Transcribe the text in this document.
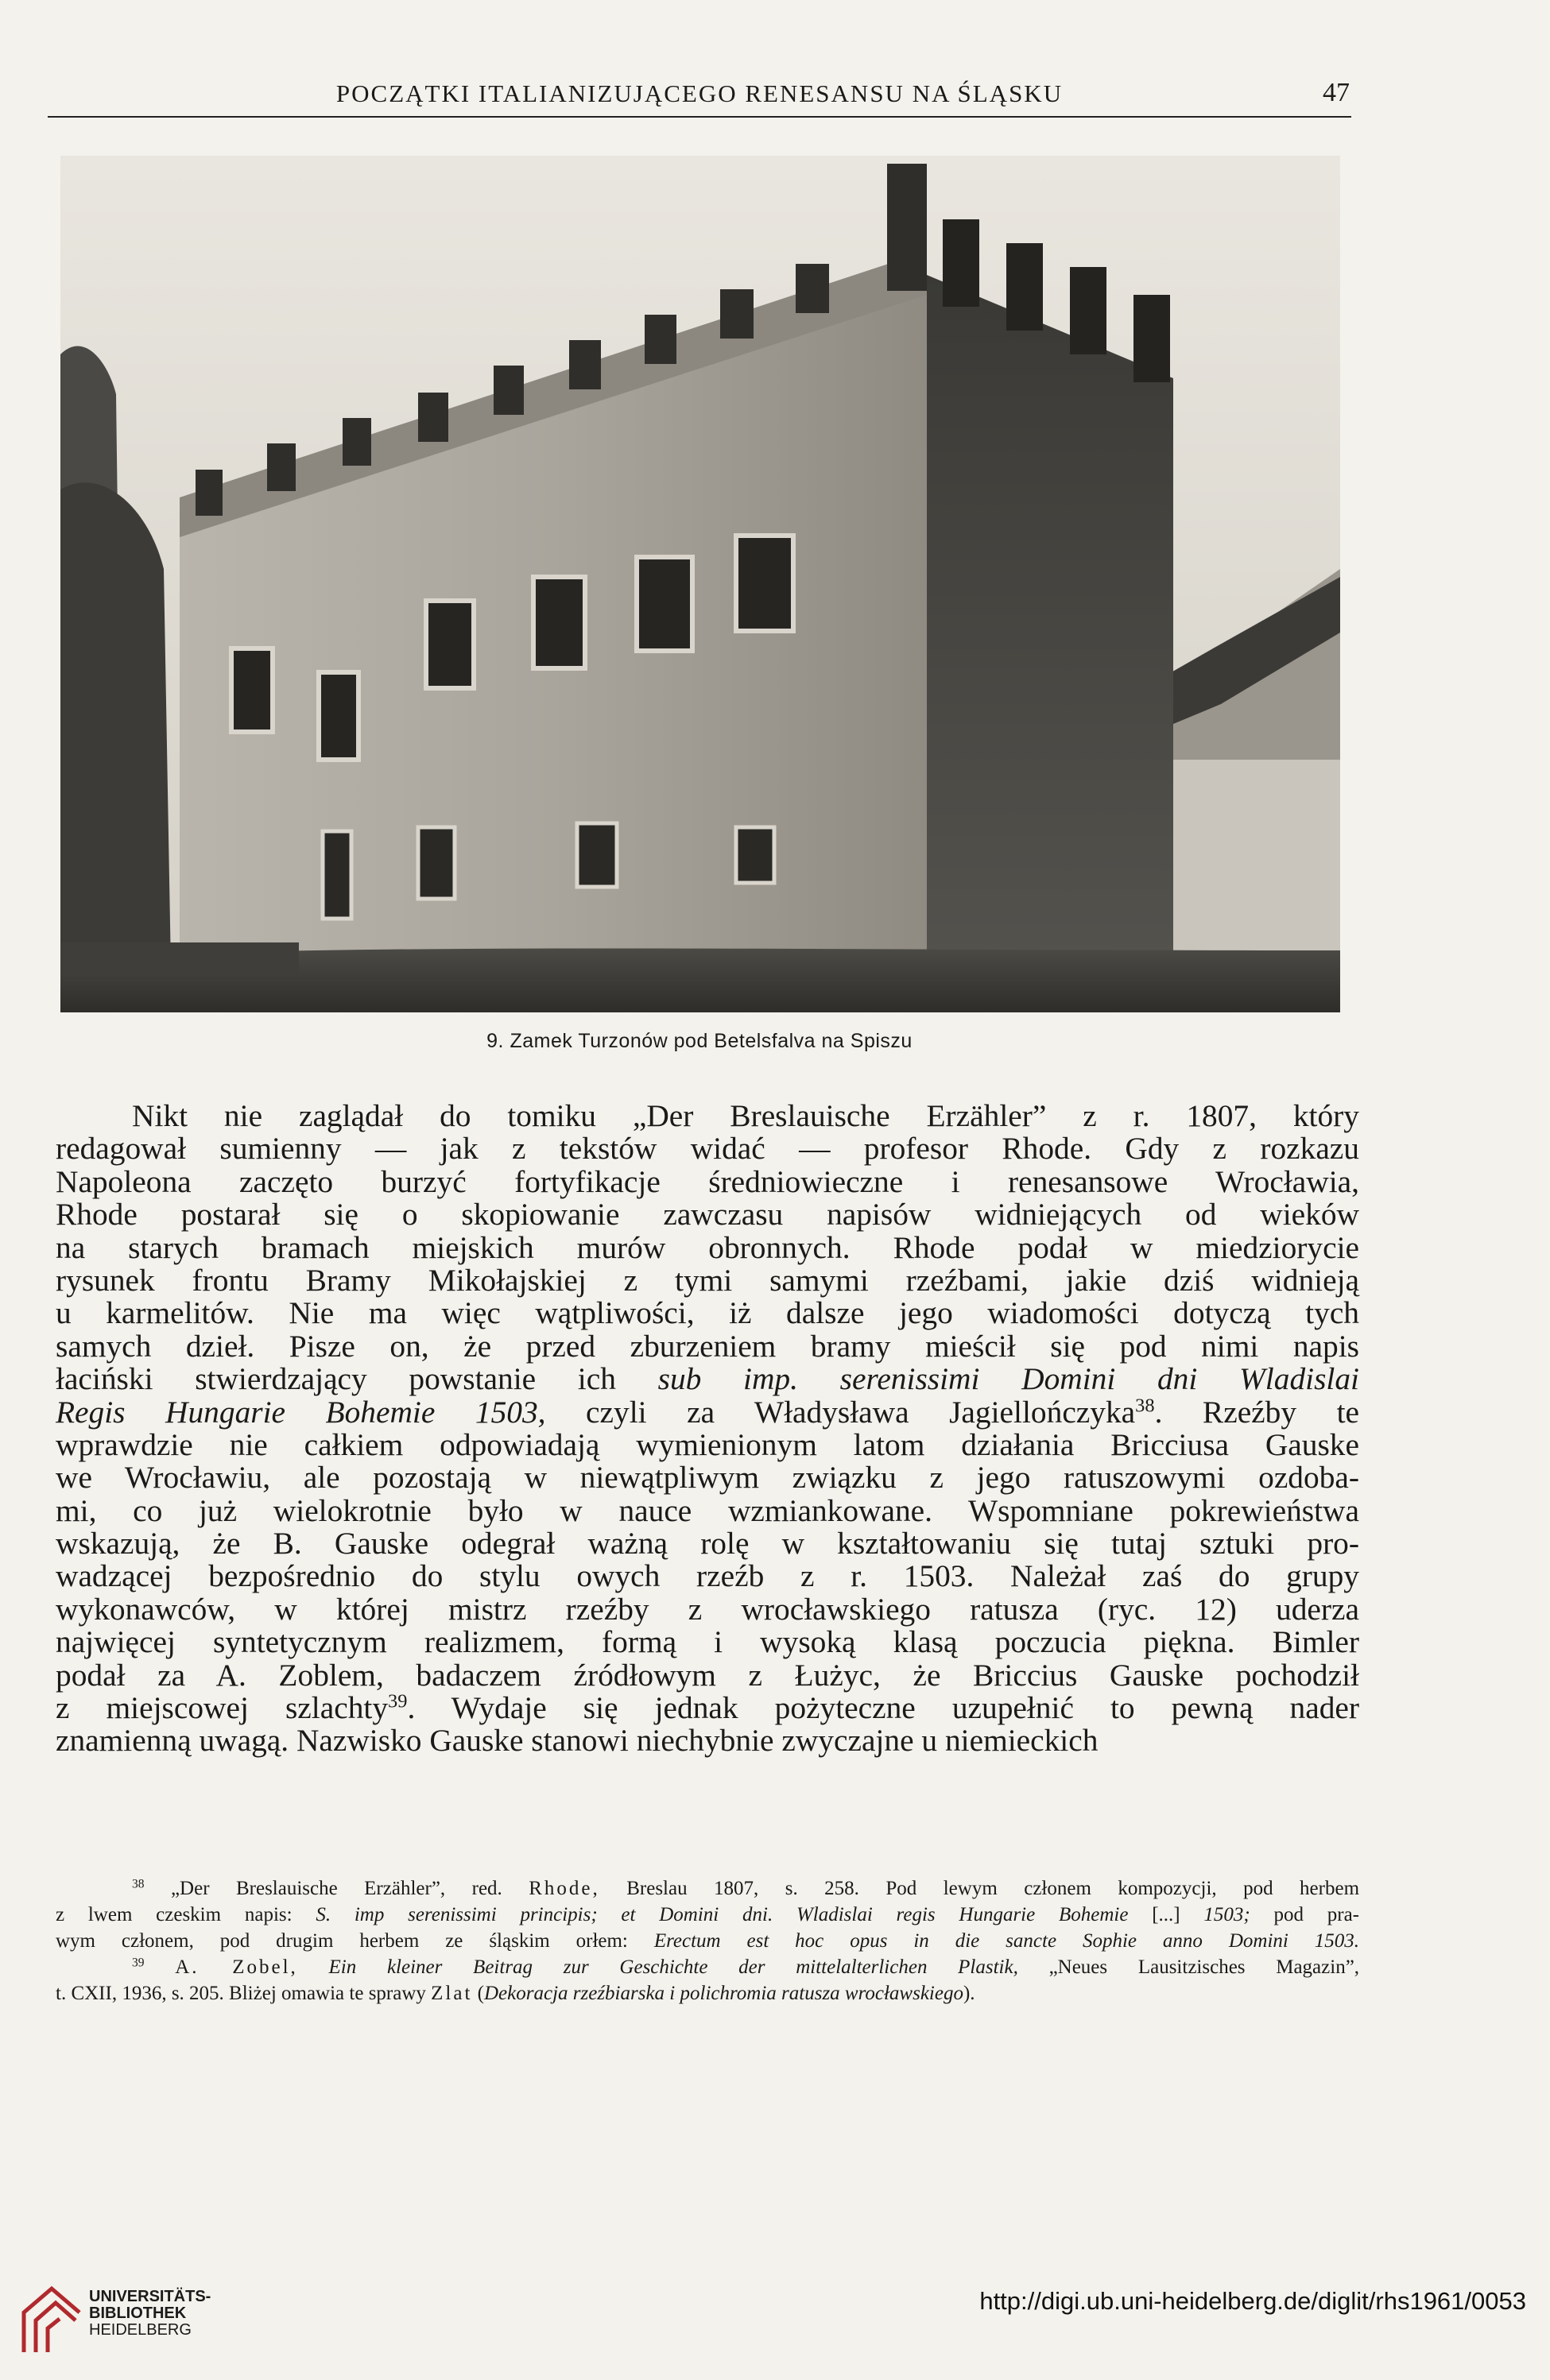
POCZĄTKI ITALIANIZUJĄCEGO RENESANSU NA ŚLĄSKU	47
9. Zamek Turzonów pod Betelsfalva na Spiszu
Nikt nie zaglądał do tomiku „Der Breslauische Erzähler” z r. 1807, który
redagował sumienny — jak z tekstów widać — profesor Rhode. Gdy z rozkazu
Napoleona zaczęto burzyć fortyfikacje średniowieczne i renesansowe Wrocławia,
Rhode postarał się o skopiowanie zawczasu napisów widniejących od wieków
na starych bramach miejskich murów obronnych. Rhode podał w miedziorycie
rysunek frontu Bramy Mikołajskiej z tymi samymi rzeźbami, jakie dziś widnieją
u karmelitów. Nie ma więc wątpliwości, iż dalsze jego wiadomości dotyczą tych
samych dzieł. Pisze on, że przed zburzeniem bramy mieścił się pod nimi napis
łaciński stwierdzający powstanie ich sub imp. serenissimi Domini dni Wladislai
Regis Hungarie Bohemie 1503, czyli za Władysława Jagiellończyka$^{38}$. Rzeźby te
wprawdzie nie całkiem odpowiadają wymienionym latom działania Bricciusa Gauske
we Wrocławiu, ale pozostają w niewątpliwym związku z jego ratuszowymi ozdoba-
mi, co już wielokrotnie było w nauce wzmiankowane. Wspomniane pokrewieństwa
wskazują, że B. Gauske odegrał ważną rolę w kształtowaniu się tutaj sztuki pro-
wadzącej bezpośrednio do stylu owych rzeźb z r. 1503. Należał zaś do grupy
wykonawców, w której mistrz rzeźby z wrocławskiego ratusza (ryc. 12) uderza
najwięcej syntetycznym realizmem, formą i wysoką klasą poczucia piękna. Bimler
podał za A. Zoblem, badaczem źródłowym z Łużyc, że Briccius Gauske pochodził
z miejscowej szlachty$^{39}$. Wydaje się jednak pożyteczne uzupełnić to pewną nader
znamienną uwagą. Nazwisko Gauske stanowi niechybnie zwyczajne u niemieckich
$^{38}$ „Der Breslauische Erzähler”, red. Rhode, Breslau 1807, s. 258. Pod lewym członem kompozycji, pod herbem
z lwem czeskim napis: S. imp serenissimi principis; et Domini dni. Wladislai regis Hungarie Bohemie [...] 1503; pod pra-
wym członem, pod drugim herbem ze śląskim orłem: Erectum est hoc opus in die sancte Sophie anno Domini 1503.
$^{39}$ A. Zobel, Ein kleiner Beitrag zur Geschichte der mittelalterlichen Plastik, „Neues Lausitzisches Magazin”,
t. CXII, 1936, s. 205. Bliżej omawia te sprawy Zlat (Dekoracja rzeźbiarska i polichromia ratusza wrocławskiego).
UNIVERSITÄTS-
BIBLIOTHEK
HEIDELBERG
http://digi.ub.uni-heidelberg.de/diglit/rhs1961/0053
